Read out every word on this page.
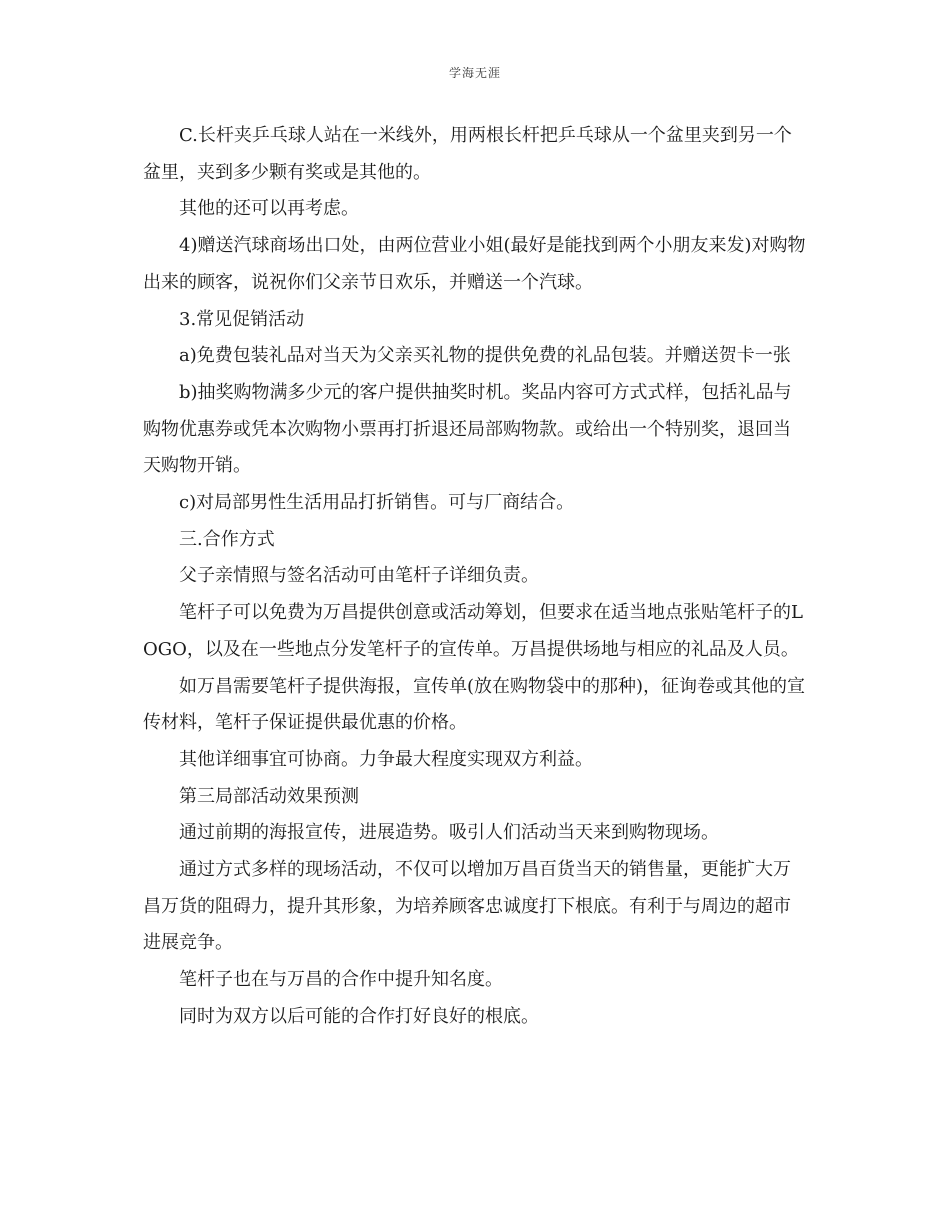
学海无涯

C.长杆夹乒乓球人站在一米线外，用两根长杆把乒乓球从一个盆里夹到另一个盆里，夹到多少颗有奖或是其他的。

其他的还可以再考虑。

4)赠送汽球商场出口处，由两位营业小姐(最好是能找到两个小朋友来发)对购物出来的顾客，说祝你们父亲节日欢乐，并赠送一个汽球。

3.常见促销活动

a)免费包装礼品对当天为父亲买礼物的提供免费的礼品包装。并赠送贺卡一张

b)抽奖购物满多少元的客户提供抽奖时机。奖品内容可方式式样，包括礼品与购物优惠券或凭本次购物小票再打折退还局部购物款。或给出一个特别奖，退回当天购物开销。

c)对局部男性生活用品打折销售。可与厂商结合。

三.合作方式

父子亲情照与签名活动可由笔杆子详细负责。

笔杆子可以免费为万昌提供创意或活动筹划，但要求在适当地点张贴笔杆子的LOGO，以及在一些地点分发笔杆子的宣传单。万昌提供场地与相应的礼品及人员。

如万昌需要笔杆子提供海报，宣传单(放在购物袋中的那种)，征询卷或其他的宣传材料，笔杆子保证提供最优惠的价格。

其他详细事宜可协商。力争最大程度实现双方利益。

第三局部活动效果预测

通过前期的海报宣传，进展造势。吸引人们活动当天来到购物现场。

通过方式多样的现场活动，不仅可以增加万昌百货当天的销售量，更能扩大万昌万货的阻碍力，提升其形象，为培养顾客忠诚度打下根底。有利于与周边的超市进展竞争。

笔杆子也在与万昌的合作中提升知名度。

同时为双方以后可能的合作打好良好的根底。
